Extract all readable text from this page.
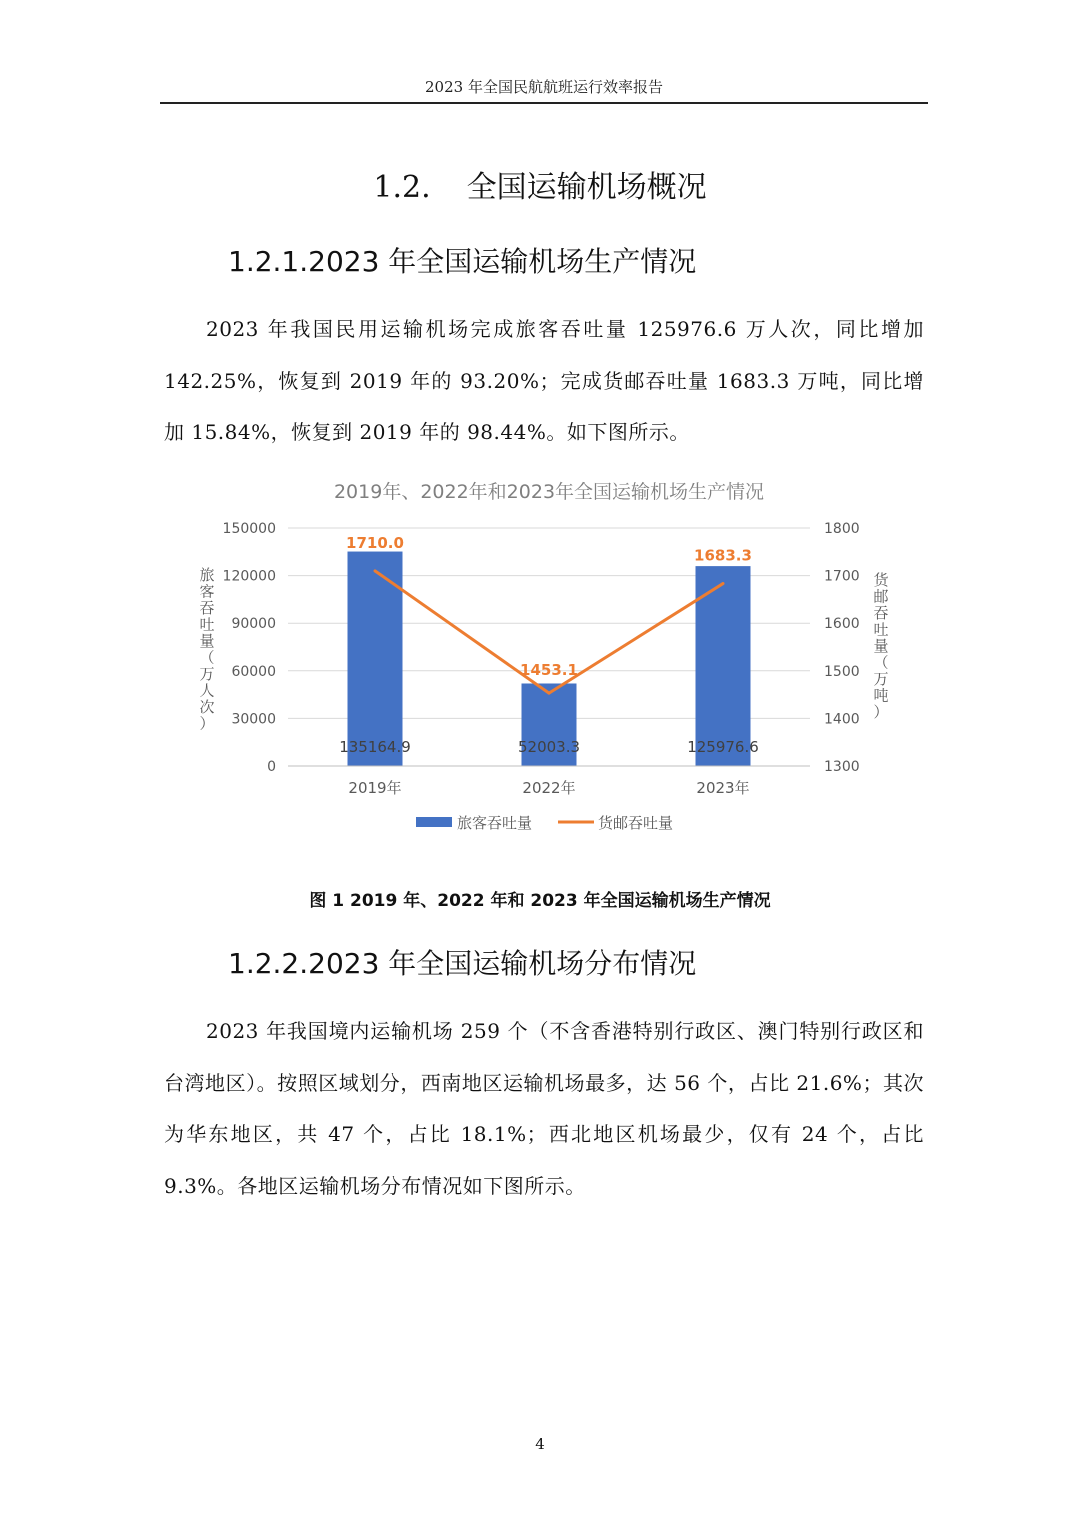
2023 年全国民航航班运行效率报告
1.2. 全国运输机场概况
1.2.1.2023 年全国运输机场生产情况

2023 年我国民用运输机场完成旅客吞吐量 125976.6 万人次，同比增加 142.25%，恢复到 2019 年的 93.20%；完成货邮吞吐量 1683.3 万吨，同比增加 15.84%，恢复到 2019 年的 98.44%。如下图所示。

2019年、2022年和2023年全国运输机场生产情况
0
30000
60000
90000
120000
150000
1300
1400
1500
1600
1700
1800
旅客吞吐量（万人次）
货邮吞吐量（万吨）
135164.9	52003.3	125976.6
1710.0
1453.1
1683.3
2019年	2022年	2023年
旅客吞吐量	货邮吞吐量
图 1 2019 年、2022 年和 2023 年全国运输机场生产情况
1.2.2.2023 年全国运输机场分布情况

2023 年我国境内运输机场 259 个（不含香港特别行政区、澳门特别行政区和台湾地区）。按照区域划分，西南地区运输机场最多，达 56 个，占比 21.6%；其次为华东地区，共 47 个，占比 18.1%；西北地区机场最少，仅有 24 个，占比 9.3%。各地区运输机场分布情况如下图所示。

4
